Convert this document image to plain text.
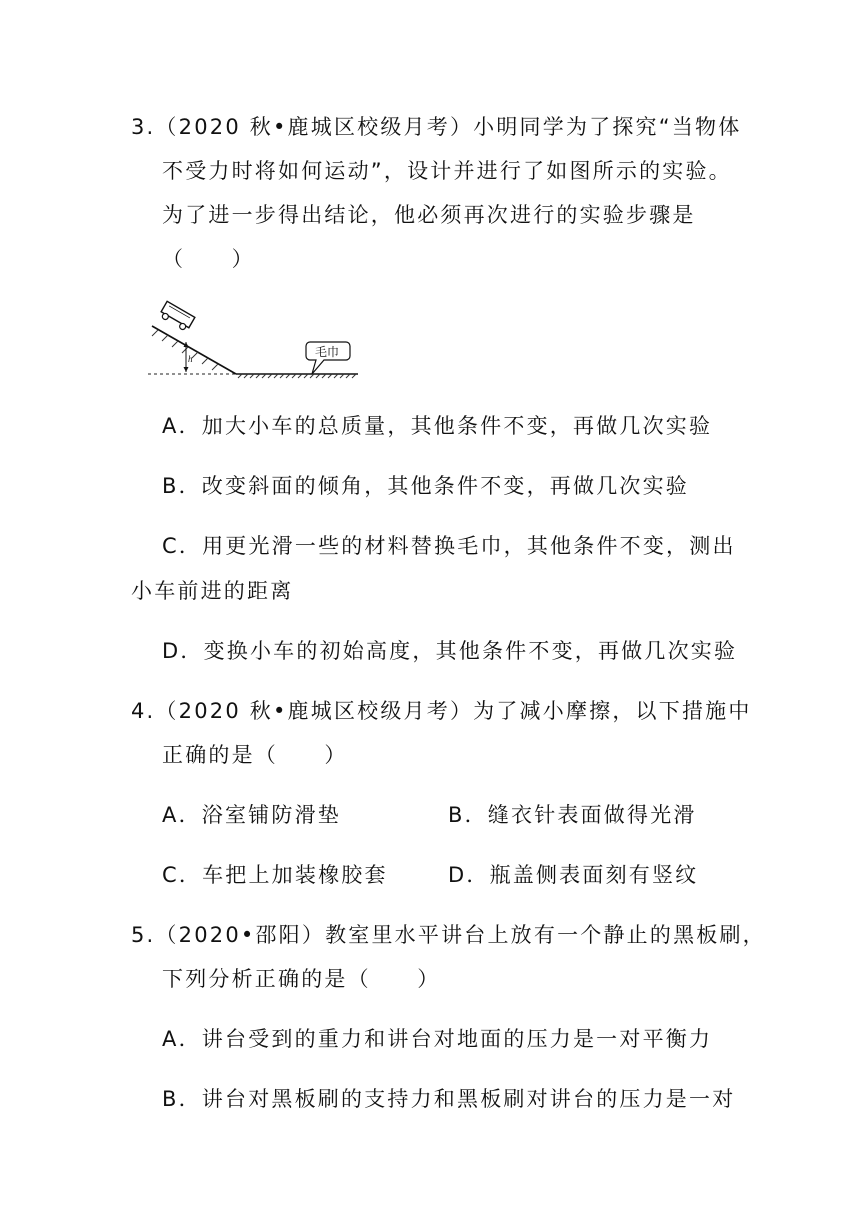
3.（2020 秋•鹿城区校级月考）小明同学为了探究“当物体
不受力时将如何运动”，设计并进行了如图所示的实验。
为了进一步得出结论，他必须再次进行的实验步骤是
（　　）
h	毛巾
A．加大小车的总质量，其他条件不变，再做几次实验
B．改变斜面的倾角，其他条件不变，再做几次实验
C．用更光滑一些的材料替换毛巾，其他条件不变，测出
小车前进的距离
D．变换小车的初始高度，其他条件不变，再做几次实验
4.（2020 秋•鹿城区校级月考）为了减小摩擦，以下措施中
正确的是（　　）
A．浴室铺防滑垫	B．缝衣针表面做得光滑
C．车把上加装橡胶套	D．瓶盖侧表面刻有竖纹
5.（2020•邵阳）教室里水平讲台上放有一个静止的黑板刷，
下列分析正确的是（　　）
A．讲台受到的重力和讲台对地面的压力是一对平衡力
B．讲台对黑板刷的支持力和黑板刷对讲台的压力是一对
